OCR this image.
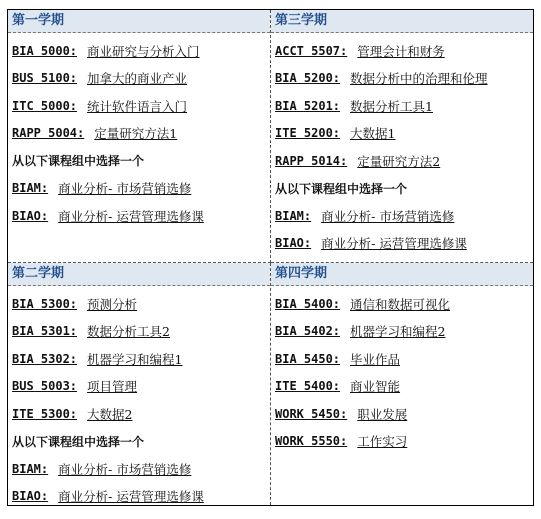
第一学期
BIA 5000: 商业研究与分析入门
BUS 5100: 加拿大的商业产业
ITC 5000: 统计软件语言入门
RAPP 5004: 定量研究方法1
从以下课程组中选择一个
BIAM: 商业分析- 市场营销选修
BIAO: 商业分析- 运营管理选修课
第三学期
ACCT 5507: 管理会计和财务
BIA 5200: 数据分析中的治理和伦理
BIA 5201: 数据分析工具1
ITE 5200: 大数据1
RAPP 5014: 定量研究方法2
从以下课程组中选择一个
BIAM: 商业分析- 市场营销选修
BIAO: 商业分析- 运营管理选修课
第二学期
BIA 5300: 预测分析
BIA 5301: 数据分析工具2
BIA 5302: 机器学习和编程1
BUS 5003: 项目管理
ITE 5300: 大数据2
从以下课程组中选择一个
BIAM: 商业分析- 市场营销选修
BIAO: 商业分析- 运营管理选修课
第四学期
BIA 5400: 通信和数据可视化
BIA 5402: 机器学习和编程2
BIA 5450: 毕业作品
ITE 5400: 商业智能
WORK 5450: 职业发展
WORK 5550: 工作实习
